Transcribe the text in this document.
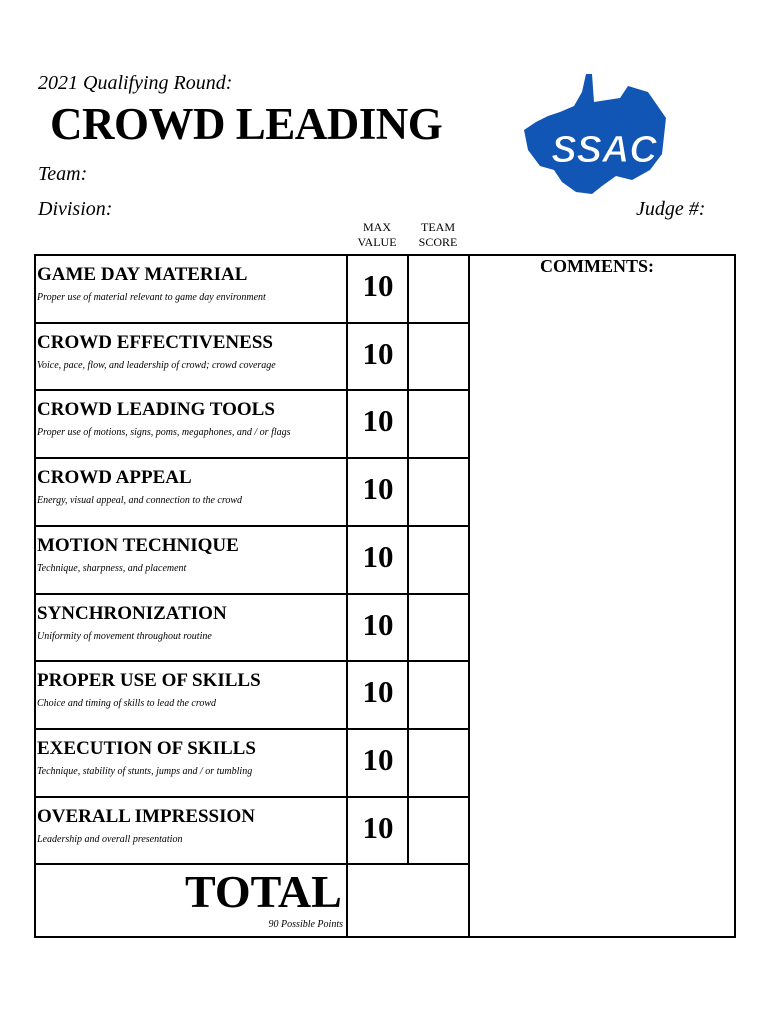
2021 Qualifying Round:
CROWD LEADING
Team:
Division:	Judge #:
SSAC
MAX
VALUE
TEAM
SCORE
GAME DAY MATERIAL
Proper use of material relevant to game day environment	10
CROWD EFFECTIVENESS
Voice, pace, flow, and leadership of crowd; crowd coverage	10
CROWD LEADING TOOLS
Proper use of motions, signs, poms, megaphones, and / or flags	10
CROWD APPEAL
Energy, visual appeal, and connection to the crowd	10
MOTION TECHNIQUE
Technique, sharpness, and placement	10
SYNCHRONIZATION
Uniformity of movement throughout routine	10
PROPER USE OF SKILLS
Choice and timing of skills to lead the crowd	10
EXECUTION OF SKILLS
Technique, stability of stunts, jumps and / or tumbling	10
OVERALL IMPRESSION
Leadership and overall presentation	10
COMMENTS:
TOTAL
90 Possible Points
